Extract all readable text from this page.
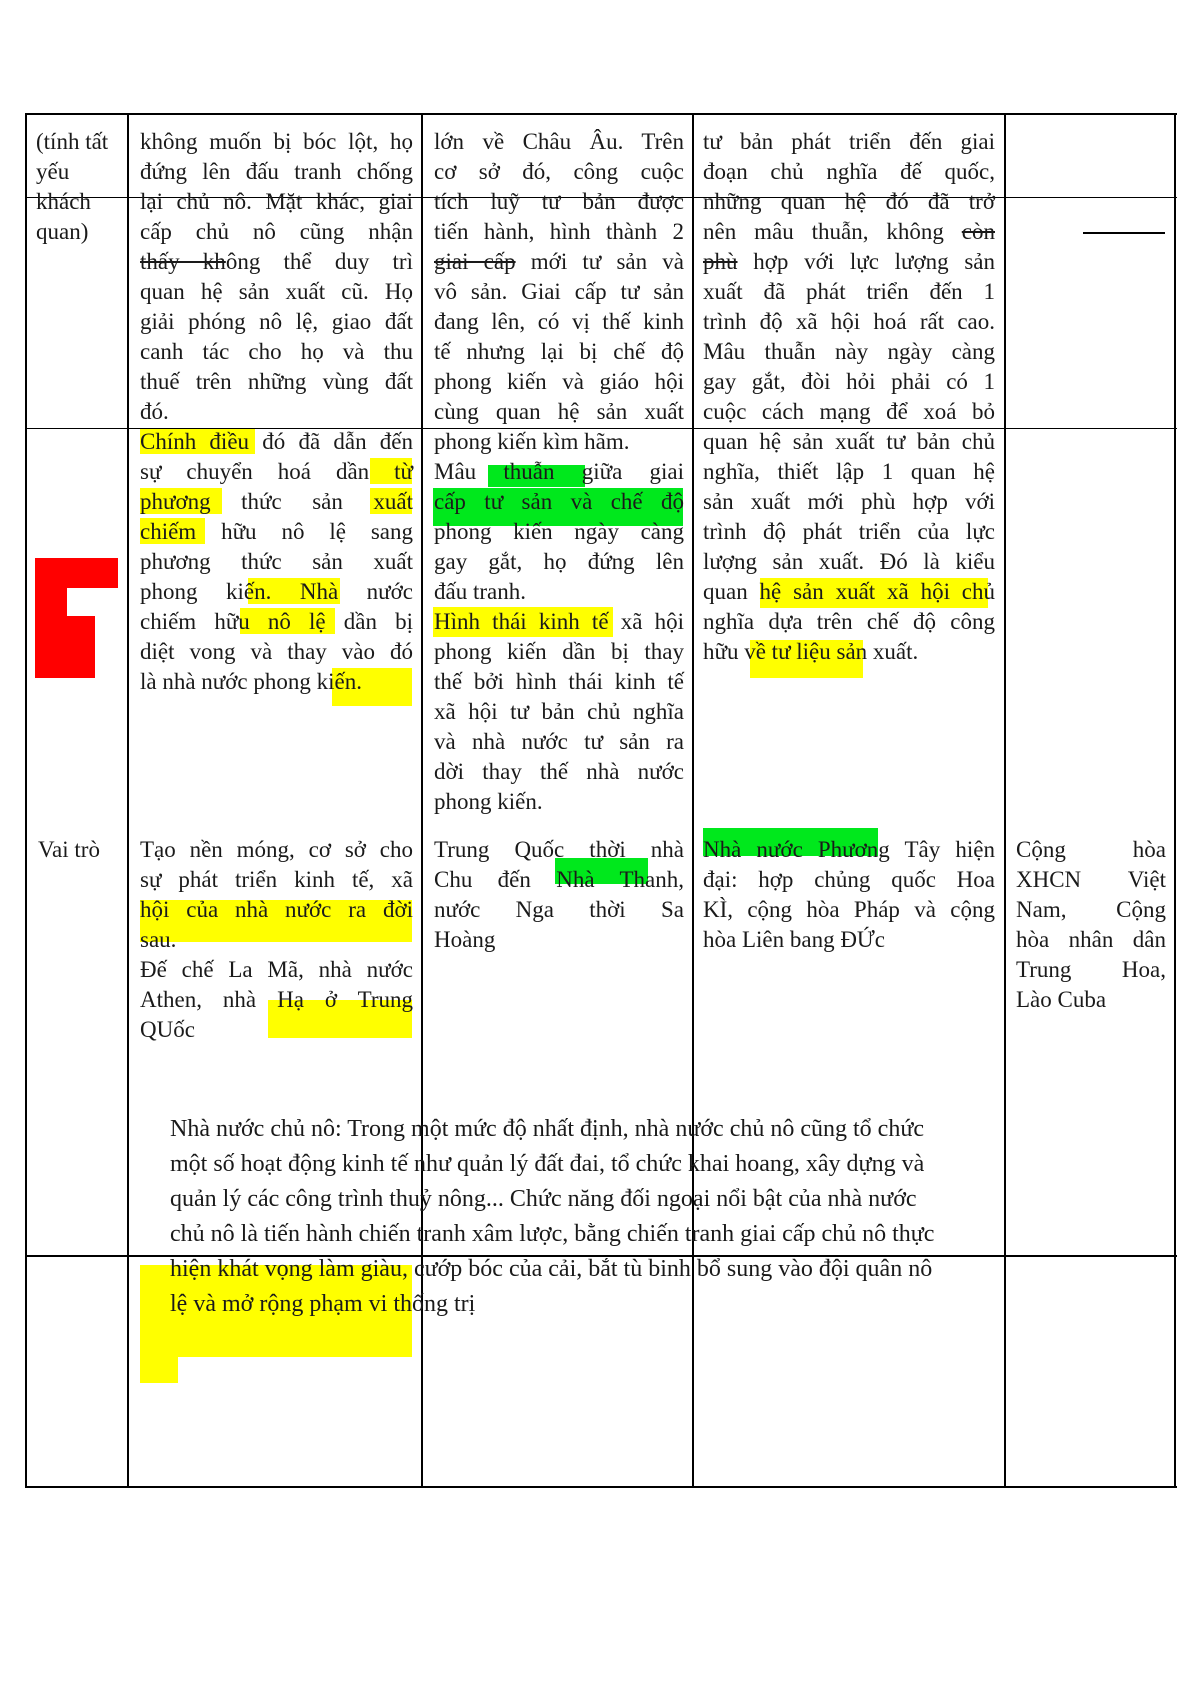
(tính tất
yếu
khách
quan)
Vai trò
không muốn bị bóc lột, họ
đứng lên đấu tranh chống
lại chủ nô. Mặt khác, giai
cấp chủ nô cũng nhận
thấy không thể duy trì
quan hệ sản xuất cũ. Họ
giải phóng nô lệ, giao đất
canh tác cho họ và thu
thuế trên những vùng đất
đó.
Chính điều đó đã dẫn đến
sự chuyển hoá dần từ
phương thức sản xuất
chiếm hữu nô lệ sang
phương thức sản xuất
phong kiến. Nhà nước
chiếm hữu nô lệ dần bị
diệt vong và thay vào đó
là nhà nước phong kiến.
Tạo nền móng, cơ sở cho
sự phát triển kinh tế, xã
hội của nhà nước ra đời
sau.
Đế chế La Mã, nhà nước
Athen, nhà Hạ ở Trung
QUốc
lớn về Châu Âu. Trên
cơ sở đó, công cuộc
tích luỹ tư bản được
tiến hành, hình thành 2
giai cấp mới tư sản và
vô sản. Giai cấp tư sản
đang lên, có vị thế kinh
tế nhưng lại bị chế độ
phong kiến và giáo hội
cùng quan hệ sản xuất
phong kiến kìm hãm.
Mâu thuẫn giữa giai
cấp tư sản và chế độ
phong kiến ngày càng
gay gắt, họ đứng lên
đấu tranh.
Hình thái kinh tế xã hội
phong kiến dần bị thay
thế bởi hình thái kinh tế
xã hội tư bản chủ nghĩa
và nhà nước tư sản ra
dời thay thế nhà nước
phong kiến.
Trung Quốc thời nhà
Chu đến Nhà Thanh,
nước Nga thời Sa
Hoàng
tư bản phát triển đến giai
đoạn chủ nghĩa đế quốc,
những quan hệ đó đã trở
nên mâu thuẫn, không còn
phù hợp với lực lượng sản
xuất đã phát triển đến 1
trình độ xã hội hoá rất cao.
Mâu thuẫn này ngày càng
gay gắt, đòi hỏi phải có 1
cuộc cách mạng để xoá bỏ
quan hệ sản xuất tư bản chủ
nghĩa, thiết lập 1 quan hệ
sản xuất mới phù hợp với
trình độ phát triển của lực
lượng sản xuất. Đó là kiểu
quan hệ sản xuất xã hội chủ
nghĩa dựa trên chế độ công
hữu về tư liệu sản xuất.
Nhà nước Phương Tây hiện
đại: hợp chủng quốc Hoa
KÌ, cộng hòa Pháp và cộng
hòa Liên bang ĐỨc
Cộng hòa
XHCN Việt
Nam, Cộng
hòa nhân dân
Trung Hoa,
Lào Cuba
Nhà nước chủ nô: Trong một mức độ nhất định, nhà nước chủ nô cũng tổ chức
một số hoạt động kinh tế như quản lý đất đai, tổ chức khai hoang, xây dựng và
quản lý các công trình thuỷ nông... Chức năng đối ngoại nổi bật của nhà nước
chủ nô là tiến hành chiến tranh xâm lược, bằng chiến tranh giai cấp chủ nô thực
hiện khát vọng làm giàu, cướp bóc của cải, bắt tù binh bổ sung vào đội quân nô
lệ và mở rộng phạm vi thống trị
